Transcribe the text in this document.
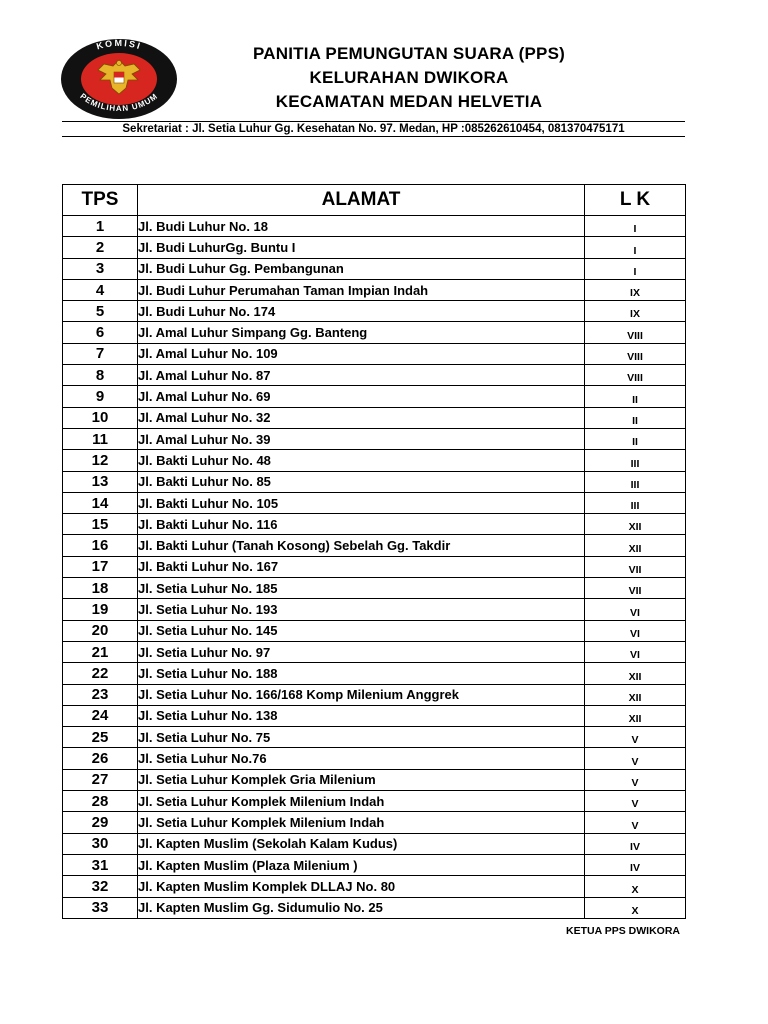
KOMISI
PEMILIHAN UMUM
PANITIA PEMUNGUTAN SUARA (PPS)
KELURAHAN DWIKORA
KECAMATAN MEDAN HELVETIA
Sekretariat : Jl. Setia Luhur Gg. Kesehatan No. 97. Medan, HP :085262610454, 081370475171
TPS	ALAMAT	L K
1	Jl. Budi Luhur No. 18	I
2	Jl. Budi LuhurGg. Buntu I	I
3	Jl. Budi Luhur Gg. Pembangunan	I
4	Jl. Budi Luhur Perumahan Taman Impian Indah	IX
5	Jl. Budi Luhur No. 174	IX
6	Jl. Amal Luhur Simpang Gg. Banteng	VIII
7	Jl. Amal Luhur No. 109	VIII
8	Jl. Amal Luhur No. 87	VIII
9	Jl. Amal Luhur No. 69	II
10	Jl. Amal Luhur No. 32	II
11	Jl. Amal Luhur No. 39	II
12	Jl. Bakti Luhur No. 48	III
13	Jl. Bakti Luhur No. 85	III
14	Jl. Bakti Luhur No. 105	III
15	Jl. Bakti Luhur No. 116	XII
16	Jl. Bakti Luhur (Tanah Kosong) Sebelah Gg. Takdir	XII
17	Jl. Bakti Luhur No. 167	VII
18	Jl. Setia Luhur No. 185	VII
19	Jl. Setia Luhur No. 193	VI
20	Jl. Setia Luhur No. 145	VI
21	Jl. Setia Luhur No. 97	VI
22	Jl. Setia Luhur No. 188	XII
23	Jl. Setia Luhur No. 166/168 Komp Milenium Anggrek	XII
24	Jl. Setia Luhur No. 138	XII
25	Jl. Setia Luhur No. 75	V
26	Jl. Setia Luhur No.76	V
27	Jl. Setia Luhur Komplek Gria Milenium	V
28	Jl. Setia Luhur Komplek Milenium Indah	V
29	Jl. Setia Luhur Komplek Milenium Indah	V
30	Jl. Kapten Muslim (Sekolah Kalam Kudus)	IV
31	Jl. Kapten Muslim (Plaza Milenium )	IV
32	Jl. Kapten Muslim Komplek DLLAJ No. 80	X
33	Jl. Kapten Muslim Gg. Sidumulio No. 25	X
KETUA PPS DWIKORA
